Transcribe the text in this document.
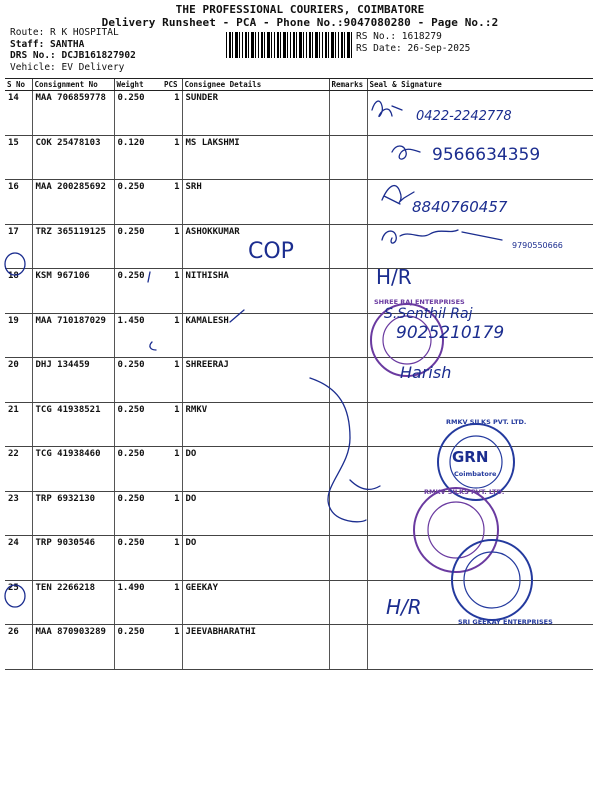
THE PROFESSIONAL COURIERS, COIMBATORE
Delivery Runsheet - PCA - Phone No.:9047080280 - Page No.:2
Route: R K HOSPITAL
Staff: SANTHA
DRS No.: DCJB161827902
Vehicle: EV Delivery
RS No.: 1618279
RS Date: 26-Sep-2025
S No	Consignment No	Weight	PCS	Consignee Details	Remarks	Seal & Signature
14	MAA 706859778	0.250	1	SUNDER		
15	COK 25478103	0.120	1	MS LAKSHMI		
16	MAA 200285692	0.250	1	SRH		
17	TRZ 365119125	0.250	1	ASHOKKUMAR		
18	KSM 967106	0.250	1	NITHISHA		
19	MAA 710187029	1.450	1	KAMALESH		
20	DHJ 134459	0.250	1	SHREERAJ		
21	TCG 41938521	0.250	1	RMKV		
22	TCG 41938460	0.250	1	DO		
23	TRP 6932130	0.250	1	DO		
24	TRP 9030546	0.250	1	DO		
25	TEN 2266218	1.490	1	GEEKAY		
26	MAA 870903289	0.250	1	JEEVABHARATHI		
0422-2242778
9566634359
8840760457
9790550666
COP
H/R
S.Senthil Raj
9025210179
Harish
GRN
H/R
SHREE RAJ ENTERPRISES
RMKV SILKS PVT. LTD.
Coimbatore
RMKV SILKS PVT. LTD.
SRI GEEKAY ENTERPRISES
